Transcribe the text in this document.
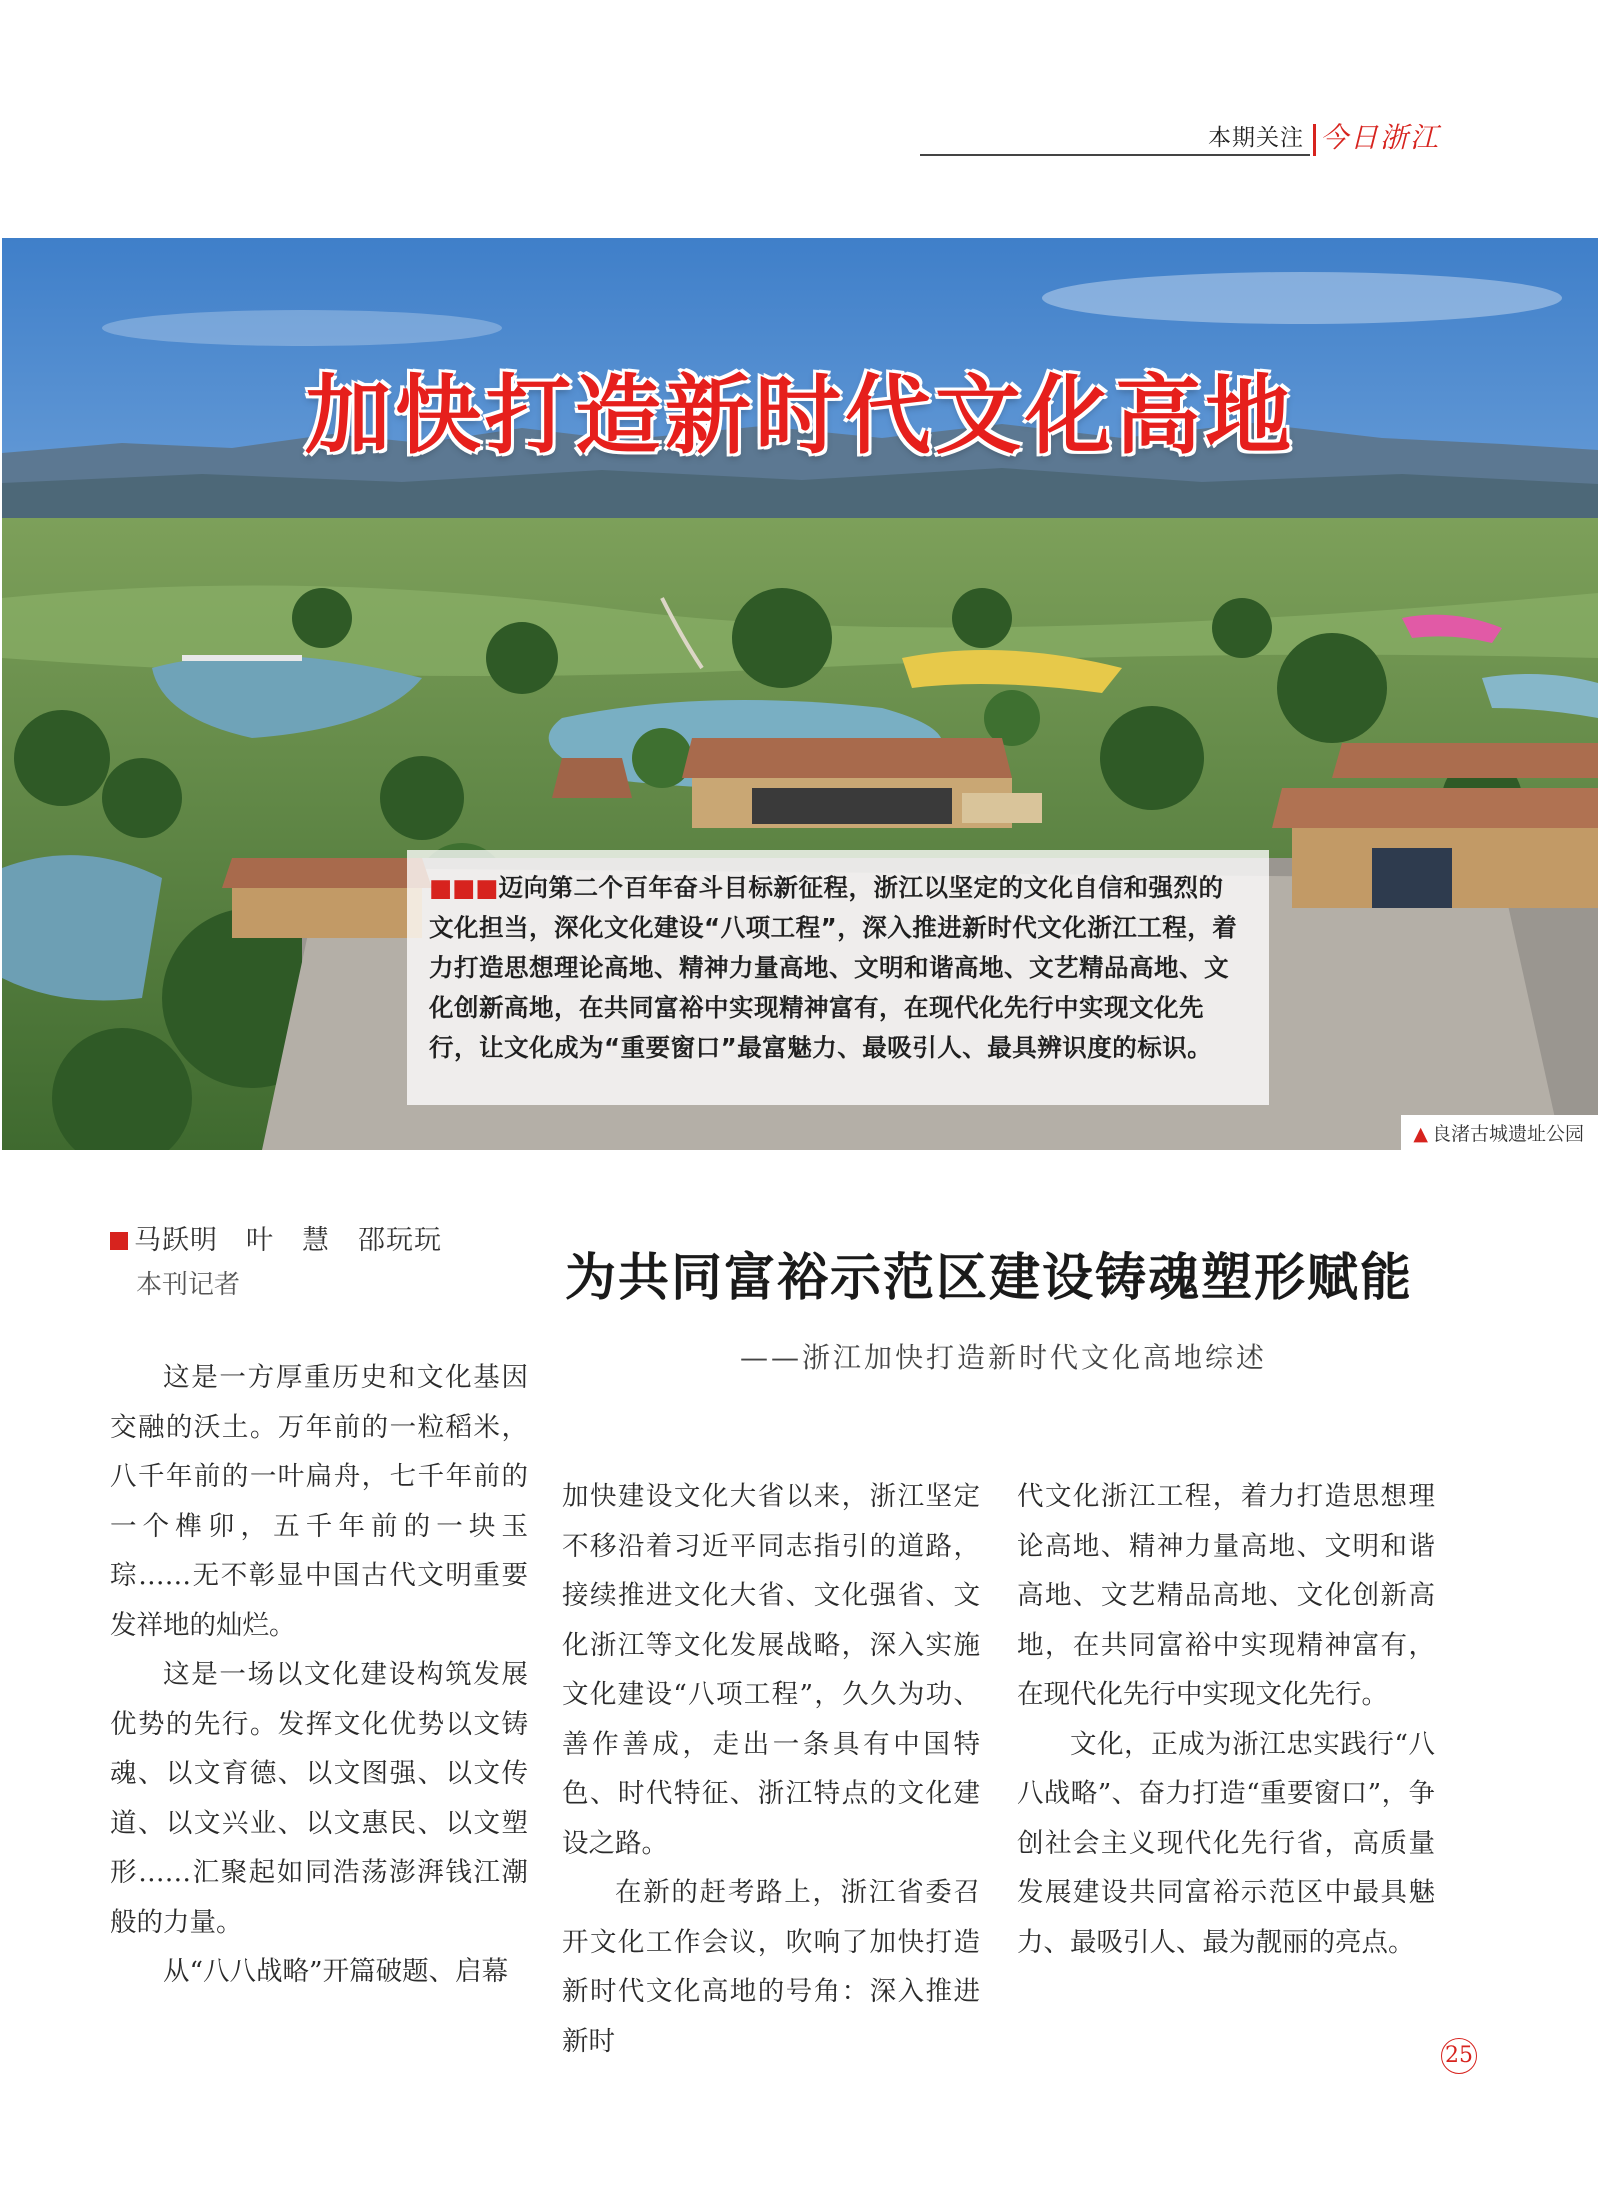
本期关注 今日浙江
加快打造新时代文化高地

■■■迈向第二个百年奋斗目标新征程，浙江以坚定的文化自信和强烈的文化担当，深化文化建设“八项工程”，深入推进新时代文化浙江工程，着力打造思想理论高地、精神力量高地、文明和谐高地、文艺精品高地、文化创新高地，在共同富裕中实现精神富有，在现代化先行中实现文化先行，让文化成为“重要窗口”最富魅力、最吸引人、最具辨识度的标识。

▲ 良渚古城遗址公园
马跃明　叶　慧　邵玩玩
本刊记者	为共同富裕示范区建设铸魂塑形赋能
——浙江加快打造新时代文化高地综述

这是一方厚重历史和文化基因交融的沃土。万年前的一粒稻米，八千年前的一叶扁舟，七千年前的一个榫卯，五千年前的一块玉琮……无不彰显中国古代文明重要发祥地的灿烂。

这是一场以文化建设构筑发展优势的先行。发挥文化优势以文铸魂、以文育德、以文图强、以文传道、以文兴业、以文惠民、以文塑形……汇聚起如同浩荡澎湃钱江潮般的力量。

从“八八战略”开篇破题、启幕

加快建设文化大省以来，浙江坚定不移沿着习近平同志指引的道路，接续推进文化大省、文化强省、文化浙江等文化发展战略，深入实施文化建设“八项工程”，久久为功、善作善成，走出一条具有中国特色、时代特征、浙江特点的文化建设之路。

在新的赶考路上，浙江省委召开文化工作会议，吹响了加快打造新时代文化高地的号角：深入推进新时

代文化浙江工程，着力打造思想理论高地、精神力量高地、文明和谐高地、文艺精品高地、文化创新高地，在共同富裕中实现精神富有，在现代化先行中实现文化先行。

文化，正成为浙江忠实践行“八八战略”、奋力打造“重要窗口”，争创社会主义现代化先行省，高质量发展建设共同富裕示范区中最具魅力、最吸引人、最为靓丽的亮点。

25
